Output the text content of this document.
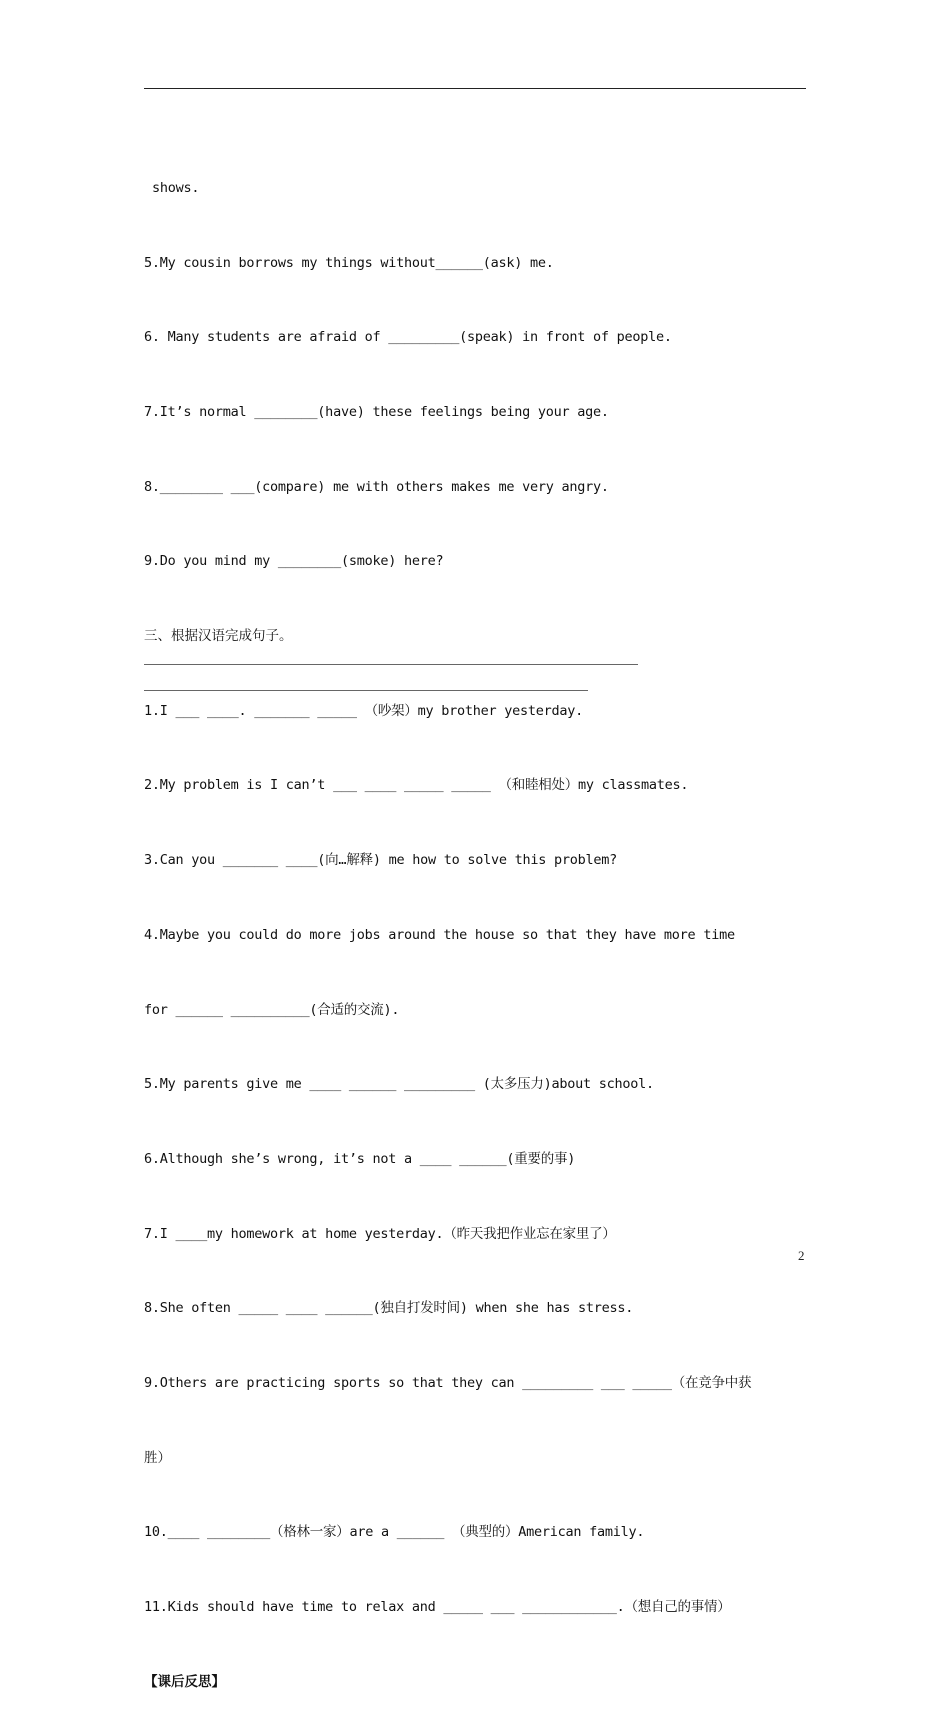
shows.

5.My cousin borrows my things without______(ask) me.

6. Many students are afraid of _________(speak) in front of people.

7.It’s normal ________(have) these feelings being your age.

8.________ ___(compare) me with others makes me very angry.

9.Do you mind my ________(smoke) here?

三、根据汉语完成句子。

1.I ___ ____. _______ _____ （吵架）my brother yesterday.

2.My problem is I can’t ___ ____ _____ _____ （和睦相处）my classmates.

3.Can you _______ ____(向…解释) me how to solve this problem?

4.Maybe you could do more jobs around the house so that they have more time

for ______ __________(合适的交流).

5.My parents give me ____ ______ _________ (太多压力)about school.

6.Although she’s wrong, it’s not a ____ ______(重要的事)

7.I ____my homework at home yesterday.（昨天我把作业忘在家里了）

8.She often _____ ____ ______(独自打发时间) when she has stress.

9.Others are practicing sports so that they can _________ ___ _____（在竞争中获

胜）

10.____ ________（格林一家）are a ______ （典型的）American family.

11.Kids should have time to relax and _____ ___ ____________.（想自己的事情）

【课后反思】

2
